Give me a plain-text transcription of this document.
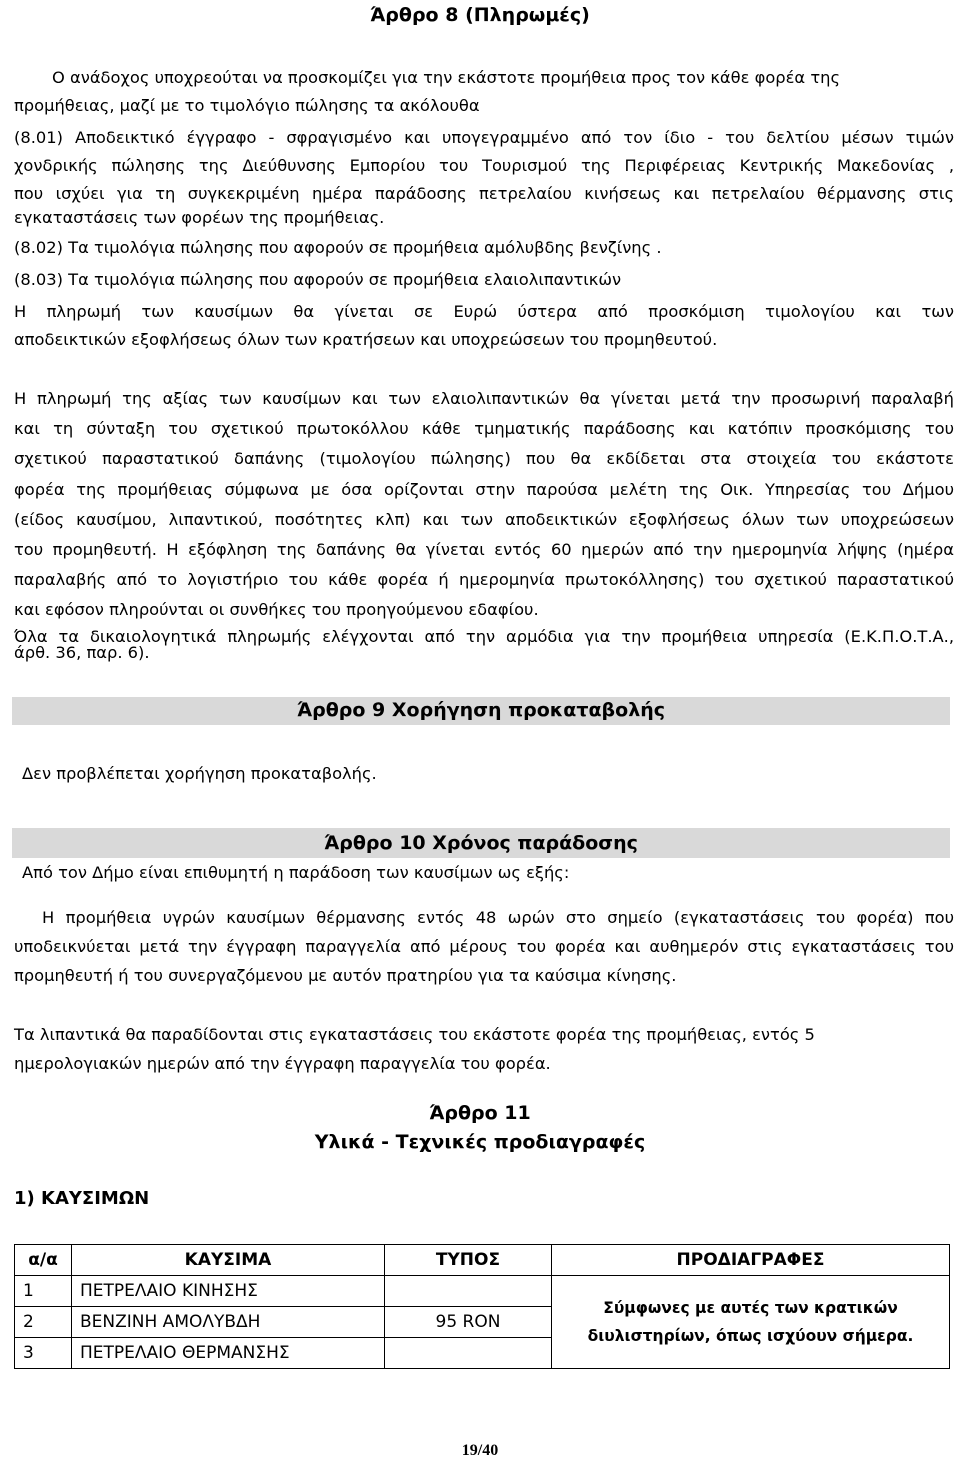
Άρθρο 8 (Πληρωμές)
Ο ανάδοχος υποχρεούται να προσκομίζει για την εκάστοτε προμήθεια προς τον κάθε φορέα της
προμήθειας, μαζί με το τιμολόγιο πώλησης τα ακόλουθα
(8.01) Αποδεικτικό έγγραφο - σφραγισμένο και υπογεγραμμένο από τον ίδιο - του δελτίου μέσων τιμών
χονδρικής πώλησης της Διεύθυνσης Εμπορίου του Τουρισμού της Περιφέρειας Κεντρικής Μακεδονίας ,
που ισχύει για τη συγκεκριμένη ημέρα παράδοσης πετρελαίου κινήσεως και πετρελαίου θέρμανσης στις
εγκαταστάσεις των φορέων της προμήθειας.
(8.02) Τα τιμολόγια πώλησης που αφορούν σε προμήθεια αμόλυβδης βενζίνης .
(8.03) Τα τιμολόγια πώλησης που αφορούν σε προμήθεια ελαιολιπαντικών
Η πληρωμή των καυσίμων θα γίνεται σε Ευρώ ύστερα από προσκόμιση τιμολογίου και των
αποδεικτικών εξοφλήσεως όλων των κρατήσεων και υποχρεώσεων του προμηθευτού.
Η πληρωμή της αξίας των καυσίμων και των ελαιολιπαντικών θα γίνεται μετά την προσωρινή παραλαβή
και τη σύνταξη του σχετικού πρωτοκόλλου κάθε τμηματικής παράδοσης και κατόπιν προσκόμισης του
σχετικού παραστατικού δαπάνης (τιμολογίου πώλησης) που θα εκδίδεται στα στοιχεία του εκάστοτε
φορέα της προμήθειας σύμφωνα με όσα ορίζονται στην παρούσα μελέτη της Οικ. Υπηρεσίας του Δήμου
(είδος καυσίμου, λιπαντικού, ποσότητες κλπ) και των αποδεικτικών εξοφλήσεως όλων των υποχρεώσεων
του προμηθευτή. Η εξόφληση της δαπάνης θα γίνεται εντός 60 ημερών από την ημερομηνία λήψης (ημέρα
παραλαβής από το λογιστήριο του κάθε φορέα ή ημερομηνία πρωτοκόλλησης) του σχετικού παραστατικού
και εφόσον πληρούνται οι συνθήκες του προηγούμενου εδαφίου.
Όλα τα δικαιολογητικά πληρωμής ελέγχονται από την αρμόδια για την προμήθεια υπηρεσία (Ε.Κ.Π.Ο.Τ.Α.,
άρθ. 36, παρ. 6).
Άρθρο 9 Χορήγηση προκαταβολής
Δεν προβλέπεται χορήγηση προκαταβολής.
Άρθρο 10 Χρόνος παράδοσης
Από τον Δήμο είναι επιθυμητή η παράδοση των καυσίμων ως εξής:
Η προμήθεια υγρών καυσίμων θέρμανσης εντός 48 ωρών στο σημείο (εγκαταστάσεις του φορέα) που
υποδεικνύεται μετά την έγγραφη παραγγελία από μέρους του φορέα και αυθημερόν στις εγκαταστάσεις του
προμηθευτή ή του συνεργαζόμενου με αυτόν πρατηρίου για τα καύσιμα κίνησης.
Τα λιπαντικά θα παραδίδονται στις εγκαταστάσεις του εκάστοτε φορέα της προμήθειας, εντός 5
ημερολογιακών ημερών από την έγγραφη παραγγελία του φορέα.
Άρθρο 11
Υλικά - Τεχνικές προδιαγραφές
1) ΚΑΥΣΙΜΩΝ
α/α	ΚΑΥΣΙΜΑ	ΤΥΠΟΣ	ΠΡΟΔΙΑΓΡΑΦΕΣ
1	ΠΕΤΡΕΛΑΙΟ ΚΙΝΗΣΗΣ		Σύμφωνες με αυτές των κρατικών
διυλιστηρίων, όπως ισχύουν σήμερα.

2	ΒΕΝΖΙΝΗ ΑΜΟΛΥΒΔΗ	95 RON	
3	ΠΕΤΡΕΛΑΙΟ ΘΕΡΜΑΝΣΗΣ		
19/40
